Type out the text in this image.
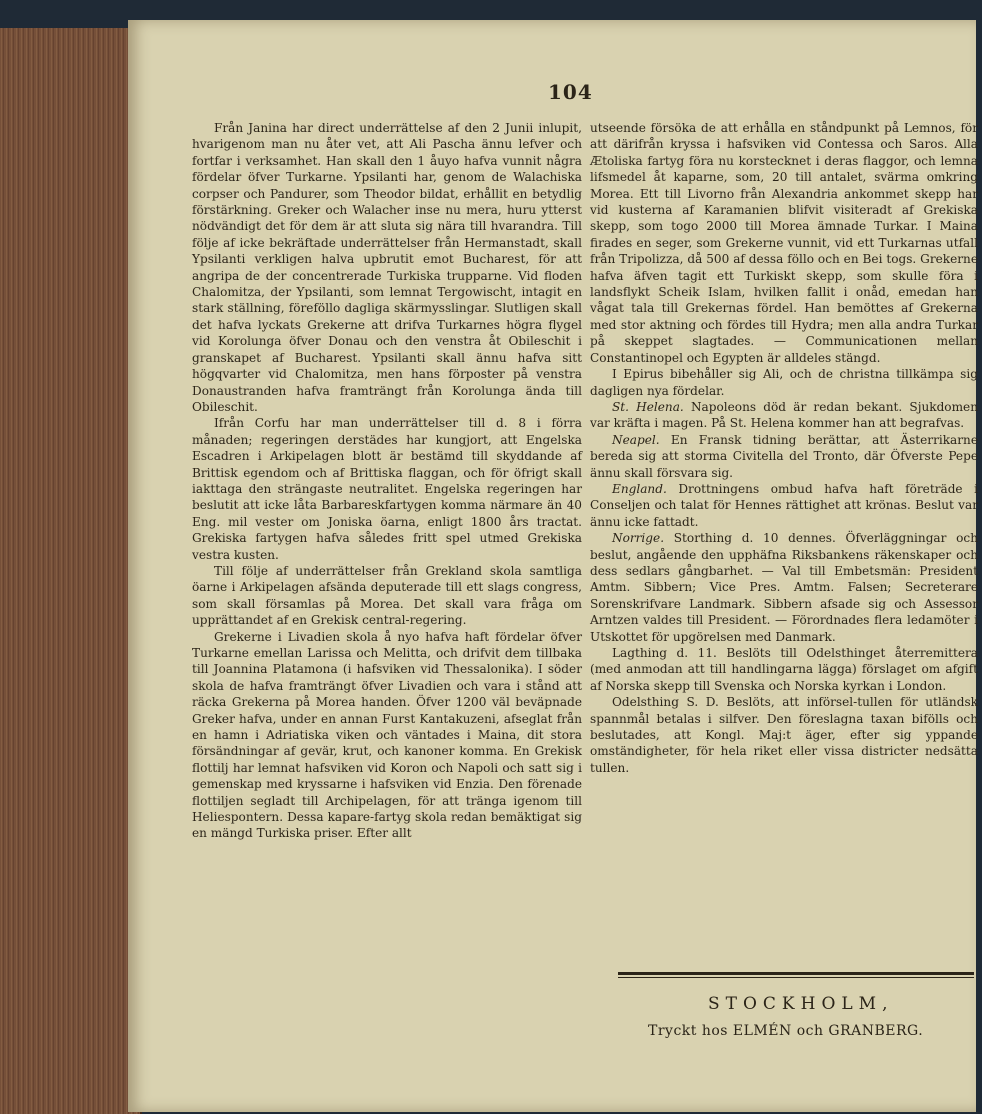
104

Från Janina har direct underrättelse af den 2 Junii inlupit, hvarigenom man nu åter vet, att Ali Pascha ännu lefver och fortfar i verksamhet. Han skall den 1 åuyo hafva vunnit några fördelar öfver Turkarne. Ypsilanti har, genom de Walachiska corpser och Pandurer, som Theodor bildat, erhållit en betydlig förstärkning. Greker och Walacher inse nu mera, huru ytterst nödvändigt det för dem är att sluta sig nära till hvarandra. Till följe af icke bekräftade underrättelser från Hermanstadt, skall Ypsilanti verkligen halva upbrutit emot Bucharest, för att angripa de der concentrerade Turkiska trupparne. Vid floden Chalomitza, der Ypsilanti, som lemnat Tergowischt, intagit en stark ställning, föreföllo dagliga skärmysslingar. Slutligen skall det hafva lyckats Grekerne att drifva Turkarnes högra flygel vid Korolunga öfver Donau och den venstra åt Obileschit i granskapet af Bucharest. Ypsilanti skall ännu hafva sitt högqvarter vid Chalomitza, men hans förposter på venstra Donaustranden hafva framträngt från Korolunga ända till Obileschit.

Ifrån Corfu har man underrättelser till d. 8 i förra månaden; regeringen derstädes har kungjort, att Engelska Escadren i Arkipelagen blott är bestämd till skyddande af Brittisk egendom och af Brittiska flaggan, och för öfrigt skall iakttaga den strängaste neutralitet. Engelska regeringen har beslutit att icke låta Barbareskfartygen komma närmare än 40 Eng. mil vester om Joniska öarna, enligt 1800 års tractat. Grekiska fartygen hafva således fritt spel utmed Grekiska vestra kusten.

Till följe af underrättelser från Grekland skola samtliga öarne i Arkipelagen afsända deputerade till ett slags congress, som skall församlas på Morea. Det skall vara fråga om upprättandet af en Grekisk central-regering.

Grekerne i Livadien skola å nyo hafva haft fördelar öfver Turkarne emellan Larissa och Melitta, och drifvit dem tillbaka till Joannina Platamona (i hafsviken vid Thessalonika). I söder skola de hafva framträngt öfver Livadien och vara i stånd att räcka Grekerna på Morea handen. Öfver 1200 väl beväpnade Greker hafva, under en annan Furst Kantakuzeni, afseglat från en hamn i Adriatiska viken och väntades i Maina, dit stora försändningar af gevär, krut, och kanoner komma. En Grekisk flottilj har lemnat hafsviken vid Koron och Napoli och satt sig i gemenskap med kryssarne i hafsviken vid Enzia. Den förenade flottiljen segladt till Archipelagen, för att tränga igenom till Heliespontern. Dessa kapare-fartyg skola redan bemäktigat sig en mängd Turkiska priser. Efter allt

utseende försöka de att erhålla en ståndpunkt på Lemnos, för att därifrån kryssa i hafsviken vid Contessa och Saros. Alla Ætoliska fartyg föra nu korstecknet i deras flaggor, och lemna lifsmedel åt kaparne, som, 20 till antalet, svärma omkring Morea. Ett till Livorno från Alexandria ankommet skepp har vid kusterna af Karamanien blifvit visiteradt af Grekiska skepp, som togo 2000 till Morea ämnade Turkar. I Maina firades en seger, som Grekerne vunnit, vid ett Turkarnas utfall från Tripolizza, då 500 af dessa föllo och en Bei togs. Grekerne hafva äfven tagit ett Turkiskt skepp, som skulle föra i landsflykt Scheik Islam, hvilken fallit i onåd, emedan han vågat tala till Grekernas fördel. Han bemöttes af Grekerna med stor aktning och fördes till Hydra; men alla andra Turkar på skeppet slagtades. — Communicationen mellan Constantinopel och Egypten är alldeles stängd.

I Epirus bibehåller sig Ali, och de christna tillkämpa sig dagligen nya fördelar.

St. Helena. Napoleons död är redan bekant. Sjukdomen var kräfta i magen. På St. Helena kommer han att begrafvas.

Neapel. En Fransk tidning berättar, att Ästerrikarne bereda sig att storma Civitella del Tronto, där Öfverste Pepe ännu skall försvara sig.

England. Drottningens ombud hafva haft företräde i Conseljen och talat för Hennes rättighet att krönas. Beslut var ännu icke fattadt.

Norrige. Storthing d. 10 dennes. Öfverläggningar och beslut, angående den upphäfna Riksbankens räkenskaper och dess sedlars gångbarhet. — Val till Embetsmän: President Amtm. Sibbern; Vice Pres. Amtm. Falsen; Secreterare Sorenskrifvare Landmark. Sibbern afsade sig och Assessor Arntzen valdes till President. — Förordnades flera ledamöter i Utskottet för upgörelsen med Danmark.

Lagthing d. 11. Beslöts till Odelsthinget återremittera (med anmodan att till handlingarna lägga) förslaget om afgift af Norska skepp till Svenska och Norska kyrkan i London.

Odelsthing S. D. Beslöts, att införsel-tullen för utländsk spannmål betalas i silfver. Den föreslagna taxan bifölls och beslutades, att Kongl. Maj:t äger, efter sig yppande omständigheter, för hela riket eller vissa districter nedsätta tullen.

STOCKHOLM,
Tryckt hos ELMÉN och GRANBERG.
